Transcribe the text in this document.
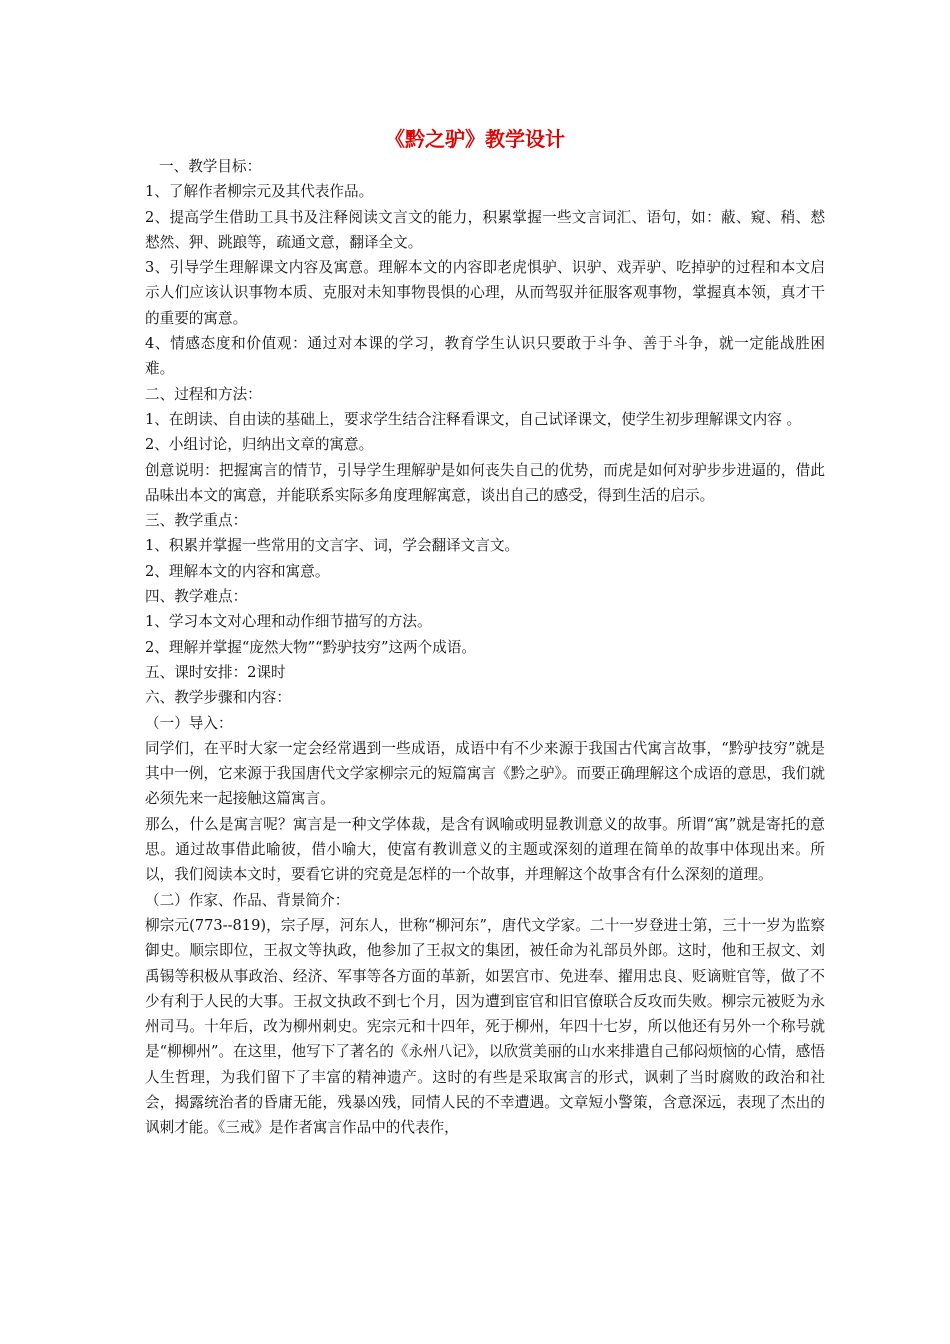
《黔之驴》教学设计

一、教学目标：

1、了解作者柳宗元及其代表作品。

2、提高学生借助工具书及注释阅读文言文的能力，积累掌握一些文言词汇、语句，如：蔽、窥、稍、慭慭然、狎、跳踉等，疏通文意，翻译全文。

3、引导学生理解课文内容及寓意。理解本文的内容即老虎惧驴、识驴、戏弄驴、吃掉驴的过程和本文启示人们应该认识事物本质、克服对未知事物畏惧的心理，从而驾驭并征服客观事物，掌握真本领，真才干的重要的寓意。

4、情感态度和价值观：通过对本课的学习，教育学生认识只要敢于斗争、善于斗争，就一定能战胜困难。

二、过程和方法：

1、在朗读、自由读的基础上，要求学生结合注释看课文，自己试译课文，使学生初步理解课文内容 。

2、小组讨论，归纳出文章的寓意。

创意说明：把握寓言的情节，引导学生理解驴是如何丧失自己的优势，而虎是如何对驴步步进逼的，借此品味出本文的寓意，并能联系实际多角度理解寓意，谈出自己的感受，得到生活的启示。

三、教学重点：

1、积累并掌握一些常用的文言字、词，学会翻译文言文。

2、理解本文的内容和寓意。

四、教学难点：

1、学习本文对心理和动作细节描写的方法。

2、理解并掌握“庞然大物”“黔驴技穷”这两个成语。

五、课时安排：2课时

六、教学步骤和内容：

（一）导入：

同学们，在平时大家一定会经常遇到一些成语，成语中有不少来源于我国古代寓言故事，“黔驴技穷”就是其中一例，它来源于我国唐代文学家柳宗元的短篇寓言《黔之驴》。而要正确理解这个成语的意思，我们就必须先来一起接触这篇寓言。

那么，什么是寓言呢？寓言是一种文学体裁，是含有讽喻或明显教训意义的故事。所谓“寓”就是寄托的意思。通过故事借此喻彼，借小喻大，使富有教训意义的主题或深刻的道理在简单的故事中体现出来。所以，我们阅读本文时，要看它讲的究竟是怎样的一个故事，并理解这个故事含有什么深刻的道理。

（二）作家、作品、背景简介：

柳宗元(773--819)，宗子厚，河东人，世称“柳河东”，唐代文学家。二十一岁登进士第，三十一岁为监察御史。顺宗即位，王叔文等执政，他参加了王叔文的集团，被任命为礼部员外郎。这时，他和王叔文、刘禹锡等积极从事政治、经济、军事等各方面的革新，如罢宫市、免进奉、擢用忠良、贬谪赃官等，做了不少有利于人民的大事。王叔文执政不到七个月，因为遭到宦官和旧官僚联合反攻而失败。柳宗元被贬为永州司马。十年后，改为柳州刺史。宪宗元和十四年，死于柳州，年四十七岁，所以他还有另外一个称号就是“柳柳州”。在这里，他写下了著名的《永州八记》，以欣赏美丽的山水来排遣自己郁闷烦恼的心情，感悟人生哲理，为我们留下了丰富的精神遗产。这时的有些是采取寓言的形式，讽刺了当时腐败的政治和社会，揭露统治者的昏庸无能，残暴凶残，同情人民的不幸遭遇。文章短小警策，含意深远，表现了杰出的讽刺才能。《三戒》是作者寓言作品中的代表作，
